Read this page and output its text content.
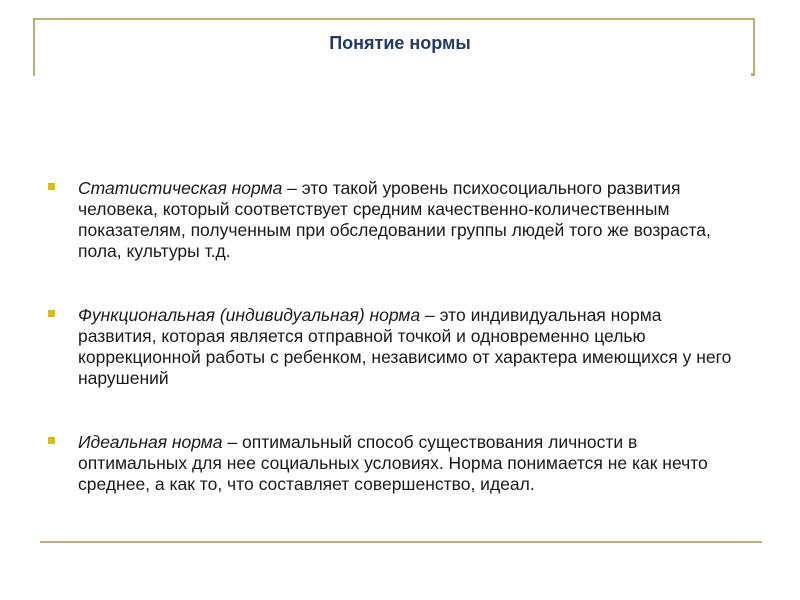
Понятие нормы
Статистическая норма – это такой уровень психосоциального развития человека, который соответствует средним качественно-количественным показателям, полученным при обследовании группы людей того же возраста, пола, культуры т.д.
Функциональная (индивидуальная) норма – это индивидуальная норма развития, которая является отправной точкой и одновременно целью коррекционной работы с ребенком, независимо от характера имеющихся у него нарушений
Идеальная норма – оптимальный способ существования личности в оптимальных для нее социальных условиях. Норма понимается не как нечто среднее, а как то, что составляет совершенство, идеал.
